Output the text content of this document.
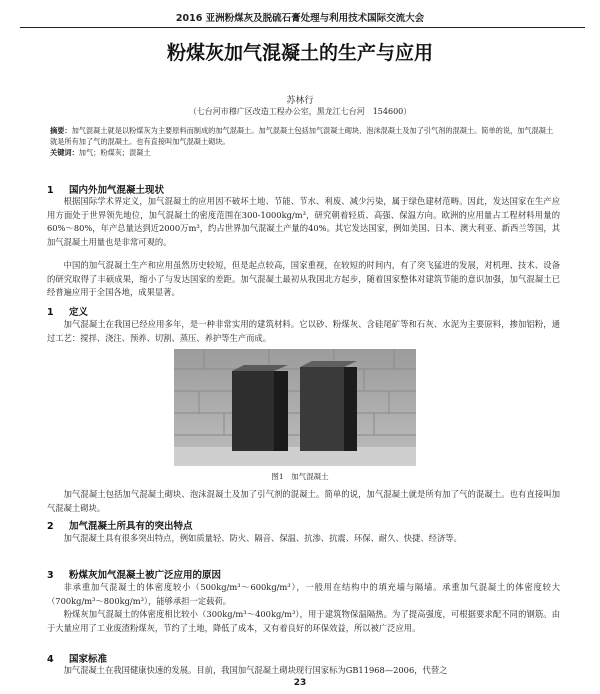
2016 亚洲粉煤灰及脱硫石膏处理与利用技术国际交流大会
粉煤灰加气混凝土的生产与应用
苏林行
（七台河市穆广区改造工程办公室，黑龙江七台河　154600）
摘要：加气混凝土就是以粉煤灰为主要原料而制成的加气混凝土。加气混凝土包括加气混凝土砌块、泡沫混凝土及加了引气剂的混凝土。简单的说，加气混凝土就是所有加了气的混凝土。也有直接叫加气混凝土砌块。
关键词：加气；粉煤灰；混凝土
1 国内外加气混凝土现状

根据国际学术界定义，加气混凝土的应用因不破坏土地、节能、节水、利废、减少污染，属于绿色建材范畴。因此，发达国家在生产应用方面处于世界领先地位，加气混凝土的密度范围在300-1000kg/m³，研究朝着轻质、高强、保温方向。欧洲的应用量占工程材料用量的60%～80%，年产总量达到近2000万m³，约占世界加气混凝土产量的40%。其它发达国家，例如美国、日本、澳大利亚、新西兰等国，其加气混凝土用量也是非常可观的。

中国的加气混凝土生产和应用虽然历史较短，但是起点较高，国家重视，在较短的时间内，有了突飞猛进的发展，对机理、技术、设备的研究取得了丰硕成果，缩小了与发达国家的差距。加气混凝土最初从我国北方起步，随着国家整体对建筑节能的意识加强，加气混凝土已经普遍应用于全国各地，成果显著。

1 定义

加气混凝土在我国已经应用多年，是一种非常实用的建筑材料。它以砂、粉煤灰、含硅尾矿等和石灰、水泥为主要原料，掺加铝粉，通过工艺：搅拌、浇注、预养、切割、蒸压、养护等生产而成。

图1　加气混凝土

加气混凝土包括加气混凝土砌块、泡沫混凝土及加了引气剂的混凝土。简单的说，加气混凝土就是所有加了气的混凝土。也有直接叫加气混凝土砌块。

2 加气混凝土所具有的突出特点

加气混凝土具有很多突出特点，例如质量轻、防火、隔音、保温、抗渗、抗震、环保、耐久、快捷、经济等。

3 粉煤灰加气混凝土被广泛应用的原因

非承重加气混凝土的体密度较小（500kg/m³～600kg/m³），一般用在结构中的填充墙与隔墙。承重加气混凝土的体密度较大（700kg/m³～800kg/m³），能够承担一定载荷。

粉煤灰加气混凝土的体密度相比较小（300kg/m³～400kg/m³），用于建筑物保温隔热。为了提高强度，可根据要求配不同的钢筋。由于大量应用了工业废渣粉煤灰，节约了土地，降低了成本，又有着良好的环保效益，所以被广泛应用。

4 国家标准

加气混凝土在我国健康快速的发展。目前，我国加气混凝土砌块现行国家标为GB11968—2006，代替之

23
